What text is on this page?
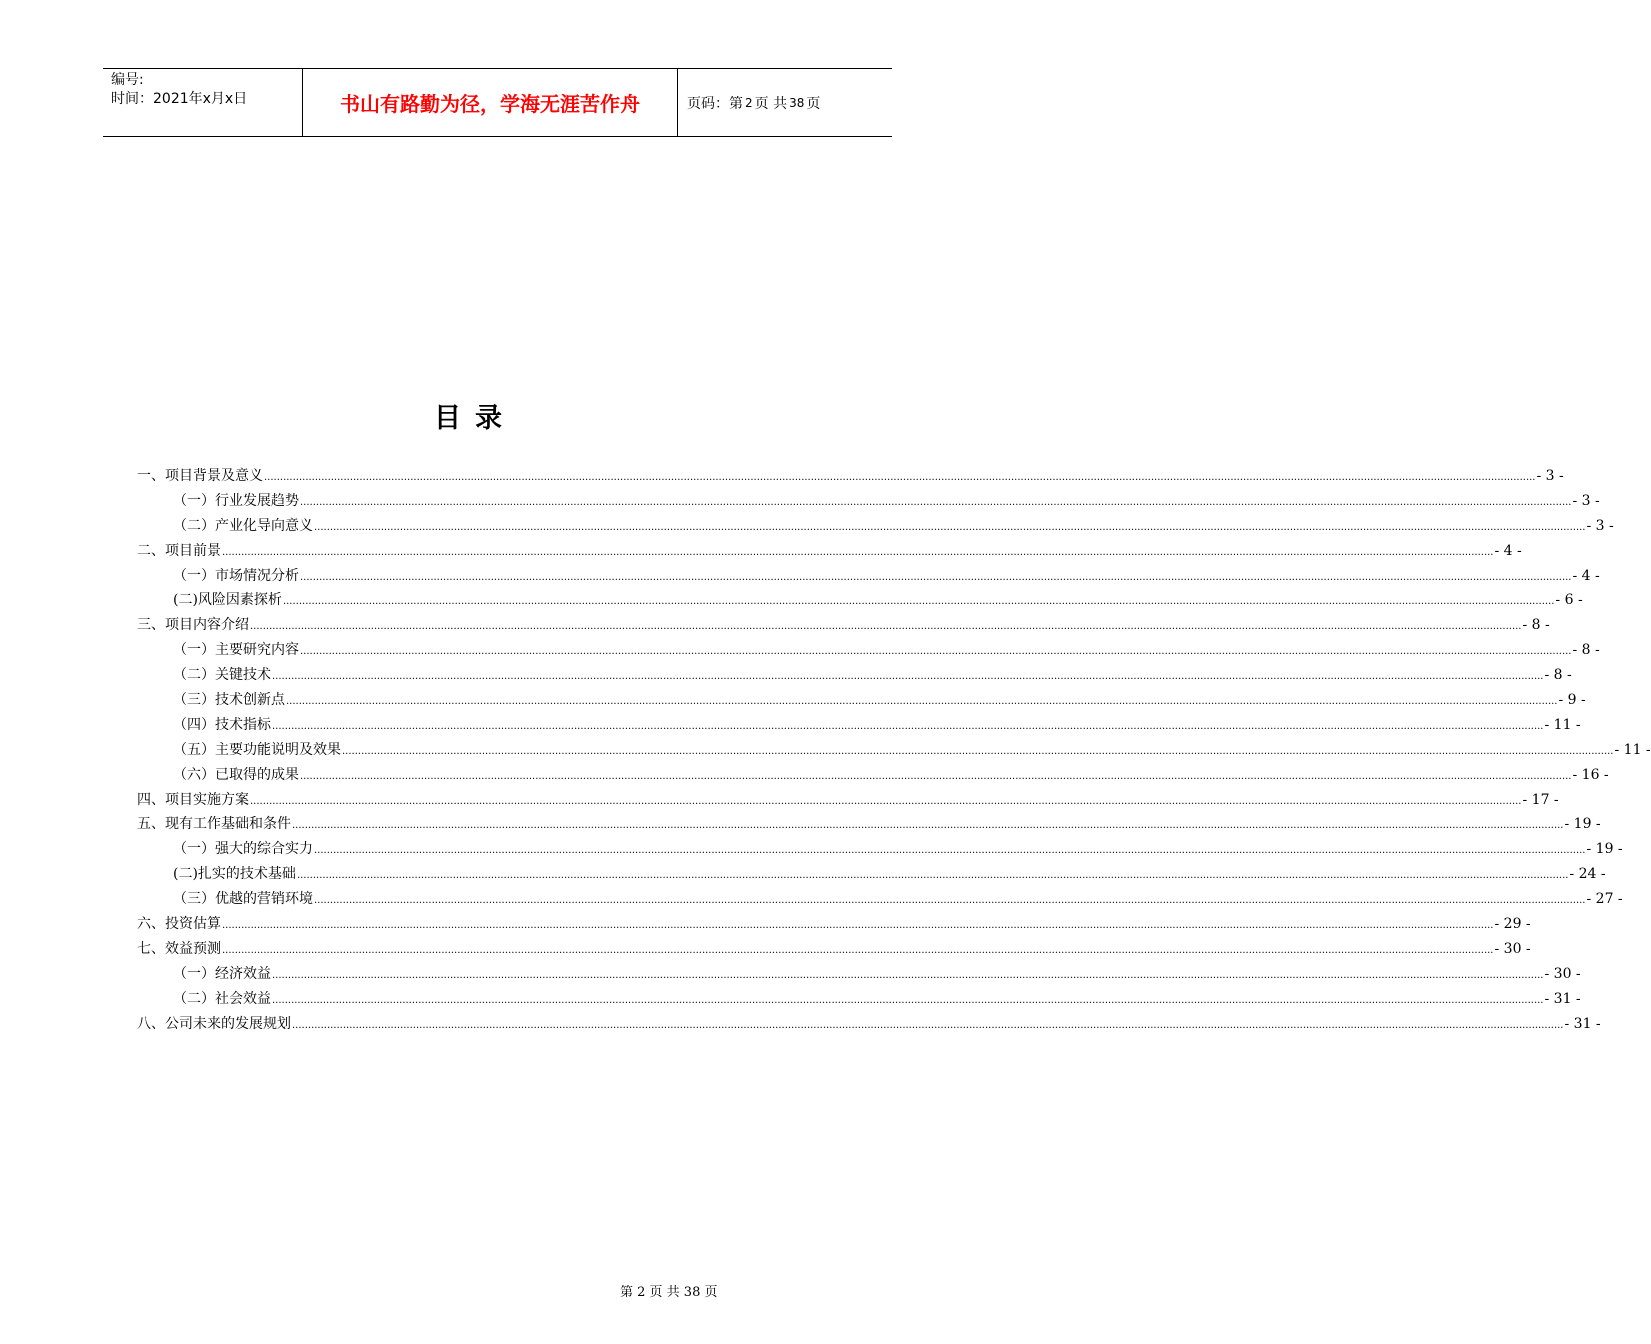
编号:
时间：2021年x月x日	书山有路勤为径，学海无涯苦作舟	页码：第 2 页 共 38 页
目录
一、项目背景及意义 ................................................................................................................................................................................................................................................................................................................................................................................................................ - 3 -
（一）行业发展趋势 ................................................................................................................................................................................................................................................................................................................................................................................................................ - 3 -
（二）产业化导向意义 ................................................................................................................................................................................................................................................................................................................................................................................................................ - 3 -
二、项目前景 ................................................................................................................................................................................................................................................................................................................................................................................................................ - 4 -
（一）市场情况分析 ................................................................................................................................................................................................................................................................................................................................................................................................................ - 4 -
(二)风险因素探析 ................................................................................................................................................................................................................................................................................................................................................................................................................ - 6 -
三、项目内容介绍 ................................................................................................................................................................................................................................................................................................................................................................................................................ - 8 -
（一）主要研究内容 ................................................................................................................................................................................................................................................................................................................................................................................................................ - 8 -
（二）关键技术 ................................................................................................................................................................................................................................................................................................................................................................................................................ - 8 -
（三）技术创新点 ................................................................................................................................................................................................................................................................................................................................................................................................................ - 9 -
（四）技术指标 ................................................................................................................................................................................................................................................................................................................................................................................................................ - 11 -
（五）主要功能说明及效果 ................................................................................................................................................................................................................................................................................................................................................................................................................ - 11 -
（六）已取得的成果 ................................................................................................................................................................................................................................................................................................................................................................................................................ - 16 -
四、项目实施方案 ................................................................................................................................................................................................................................................................................................................................................................................................................ - 17 -
五、现有工作基础和条件 ................................................................................................................................................................................................................................................................................................................................................................................................................ - 19 -
（一）强大的综合实力 ................................................................................................................................................................................................................................................................................................................................................................................................................ - 19 -
(二)扎实的技术基础 ................................................................................................................................................................................................................................................................................................................................................................................................................ - 24 -
（三）优越的营销环境 ................................................................................................................................................................................................................................................................................................................................................................................................................ - 27 -
六、投资估算 ................................................................................................................................................................................................................................................................................................................................................................................................................ - 29 -
七、效益预测 ................................................................................................................................................................................................................................................................................................................................................................................................................ - 30 -
（一）经济效益 ................................................................................................................................................................................................................................................................................................................................................................................................................ - 30 -
（二）社会效益 ................................................................................................................................................................................................................................................................................................................................................................................................................ - 31 -
八、公司未来的发展规划 ................................................................................................................................................................................................................................................................................................................................................................................................................ - 31 -
第 2 页 共 38 页
